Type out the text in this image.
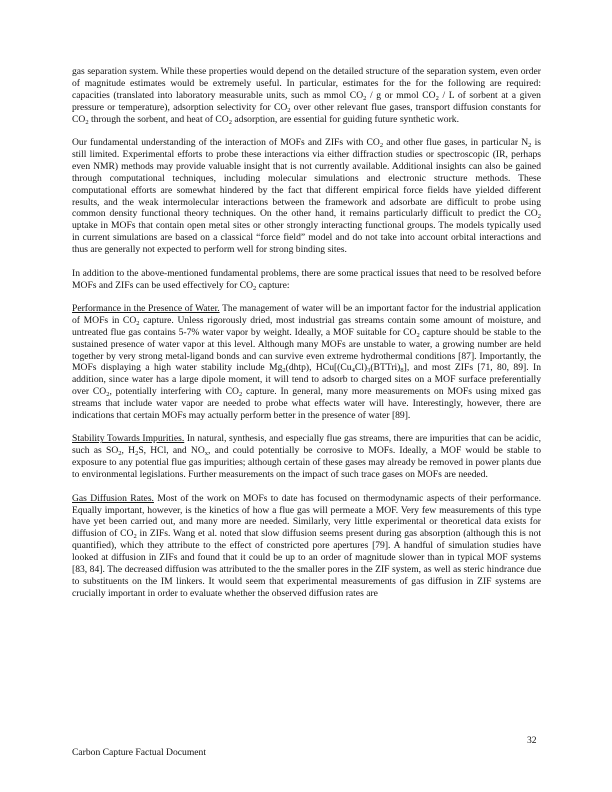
gas separation system. While these properties would depend on the detailed structure of the separation system, even order of magnitude estimates would be extremely useful. In particular, estimates for the for the following are required: capacities (translated into laboratory measurable units, such as mmol $CO_2$ / g or mmol $CO_2$ / L of sorbent at a given pressure or temperature), adsorption selectivity for $CO_2$ over other relevant flue gases, transport diffusion constants for $CO_2$ through the sorbent, and heat of $CO_2$ adsorption, are essential for guiding future synthetic work.

Our fundamental understanding of the interaction of MOFs and ZIFs with $CO_2$ and other flue gases, in particular $N_2$ is still limited. Experimental efforts to probe these interactions via either diffraction studies or spectroscopic (IR, perhaps even NMR) methods may provide valuable insight that is not currently available. Additional insights can also be gained through computational techniques, including molecular simulations and electronic structure methods. These computational efforts are somewhat hindered by the fact that different empirical force fields have yielded different results, and the weak intermolecular interactions between the framework and adsorbate are difficult to probe using common density functional theory techniques. On the other hand, it remains particularly difficult to predict the $CO_2$ uptake in MOFs that contain open metal sites or other strongly interacting functional groups. The models typically used in current simulations are based on a classical “force field” model and do not take into account orbital interactions and thus are generally not expected to perform well for strong binding sites.

In addition to the above-mentioned fundamental problems, there are some practical issues that need to be resolved before MOFs and ZIFs can be used effectively for $CO_2$ capture:

Performance in the Presence of Water. The management of water will be an important factor for the industrial application of MOFs in $CO_2$ capture. Unless rigorously dried, most industrial gas streams contain some amount of moisture, and untreated flue gas contains 5-7% water vapor by weight. Ideally, a MOF suitable for $CO_2$ capture should be stable to the sustained presence of water vapor at this level. Although many MOFs are unstable to water, a growing number are held together by very strong metal-ligand bonds and can survive even extreme hydrothermal conditions [87]. Importantly, the MOFs displaying a high water stability include $Mg_2(dhtp)$, $HCu[(Cu_4Cl)_3(BTTri)_8]$, and most ZIFs [71, 80, 89]. In addition, since water has a large dipole moment, it will tend to adsorb to charged sites on a MOF surface preferentially over $CO_2$, potentially interfering with $CO_2$ capture. In general, many more measurements on MOFs using mixed gas streams that include water vapor are needed to probe what effects water will have. Interestingly, however, there are indications that certain MOFs may actually perform better in the presence of water [89].

Stability Towards Impurities. In natural, synthesis, and especially flue gas streams, there are impurities that can be acidic, such as $SO_2$, $H_2S$, HCl, and $NO_x$, and could potentially be corrosive to MOFs. Ideally, a MOF would be stable to exposure to any potential flue gas impurities; although certain of these gases may already be removed in power plants due to environmental legislations. Further measurements on the impact of such trace gases on MOFs are needed.

Gas Diffusion Rates. Most of the work on MOFs to date has focused on thermodynamic aspects of their performance. Equally important, however, is the kinetics of how a flue gas will permeate a MOF. Very few measurements of this type have yet been carried out, and many more are needed. Similarly, very little experimental or theoretical data exists for diffusion of $CO_2$ in ZIFs. Wang et al. noted that slow diffusion seems present during gas absorption (although this is not quantified), which they attribute to the effect of constricted pore apertures [79]. A handful of simulation studies have looked at diffusion in ZIFs and found that it could be up to an order of magnitude slower than in typical MOF systems [83, 84]. The decreased diffusion was attributed to the the smaller pores in the ZIF system, as well as steric hindrance due to substituents on the IM linkers. It would seem that experimental measurements of gas diffusion in ZIF systems are crucially important in order to evaluate whether the observed diffusion rates are

32
Carbon Capture Factual Document
